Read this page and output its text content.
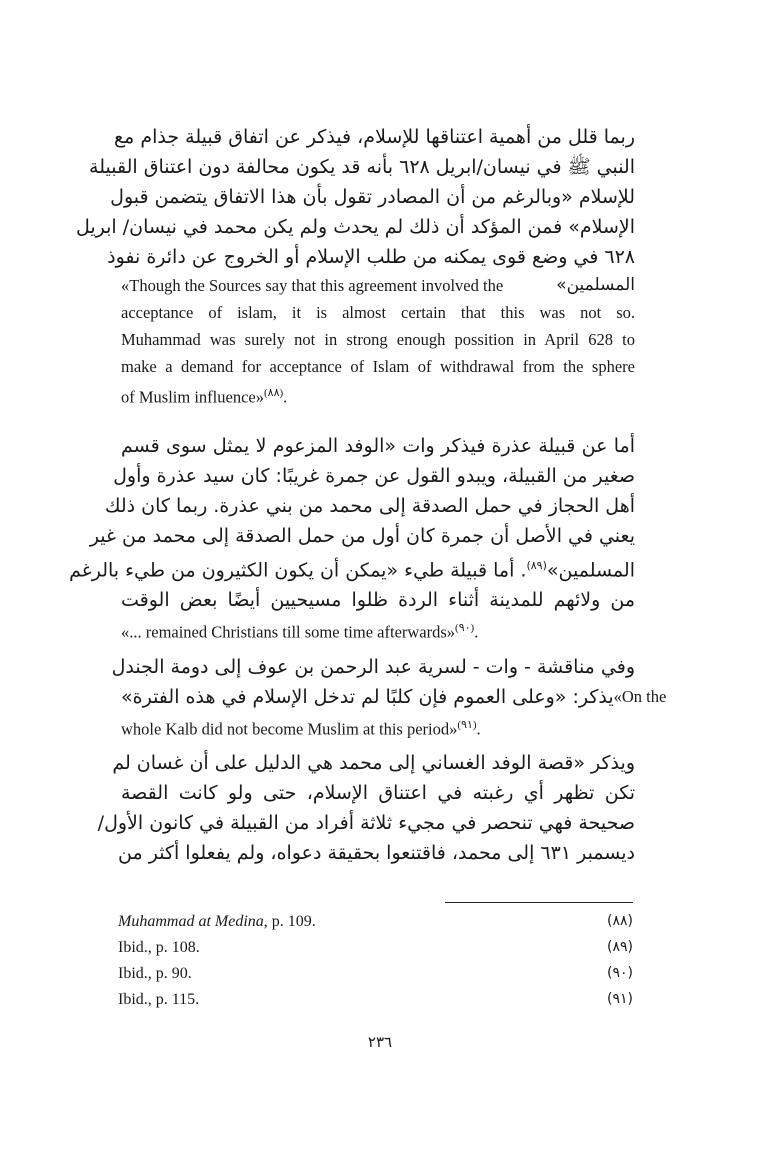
ربما قلل من أهمية اعتناقها للإسلام، فيذكر عن اتفاق قبيلة جذام مع

النبي ﷺ في نيسان/ابريل ٦٢٨ بأنه قد يكون محالفة دون اعتناق القبيلة

للإسلام «وبالرغم من أن المصادر تقول بأن هذا الاتفاق يتضمن قبول

الإسلام» فمن المؤكد أن ذلك لم يحدث ولم يكن محمد في نيسان/ ابريل

٦٢٨ في وضع قوى يمكنه من طلب الإسلام أو الخروج عن دائرة نفوذ

«Though the Sources say that this agreement involved the	«المسلمين

acceptance of islam, it is almost certain that this was not so.

Muhammad was surely not in strong enough possition in April 628 to

make a demand for acceptance of Islam of withdrawal from the sphere

of Muslim influence»$^{(٨٨)}$.

أما عن قبيلة عذرة فيذكر وات «الوفد المزعوم لا يمثل سوى قسم

صغير من القبيلة، ويبدو القول عن جمرة غريبًا: كان سيد عذرة وأول

أهل الحجاز في حمل الصدقة إلى محمد من بني عذرة. ربما كان ذلك

يعني في الأصل أن جمرة كان أول من حمل الصدقة إلى محمد من غير

المسلمين»$^{(٨٩)}$. أما قبيلة طيء «يمكن أن يكون الكثيرون من طيء بالرغم

من ولائهم للمدينة أثناء الردة ظلوا مسيحيين أيضًا بعض الوقت

«... remained Christians till some time afterwards»$^{(٩٠)}$.

وفي مناقشة - وات - لسرية عبد الرحمن بن عوف إلى دومة الجندل

يذكر: «وعلى العموم فإن كلبًا لم تدخل الإسلام في هذه الفترة» «On the

whole Kalb did not become Muslim at this period»$^{(٩١)}$.

ويذكر «قصة الوفد الغساني إلى محمد هي الدليل على أن غسان لم

تكن تظهر أي رغبته في اعتناق الإسلام، حتى ولو كانت القصة

صحيحة فهي تنحصر في مجيء ثلاثة أفراد من القبيلة في كانون الأول/

ديسمبر ٦٣١ إلى محمد، فاقتنعوا بحقيقة دعواه، ولم يفعلوا أكثر من

Muhammad at Medina, p. 109.	(٨٨)
Ibid., p. 108.	(٨٩)
Ibid., p. 90.	(٩٠)
Ibid., p. 115.	(٩١)
٢٣٦
